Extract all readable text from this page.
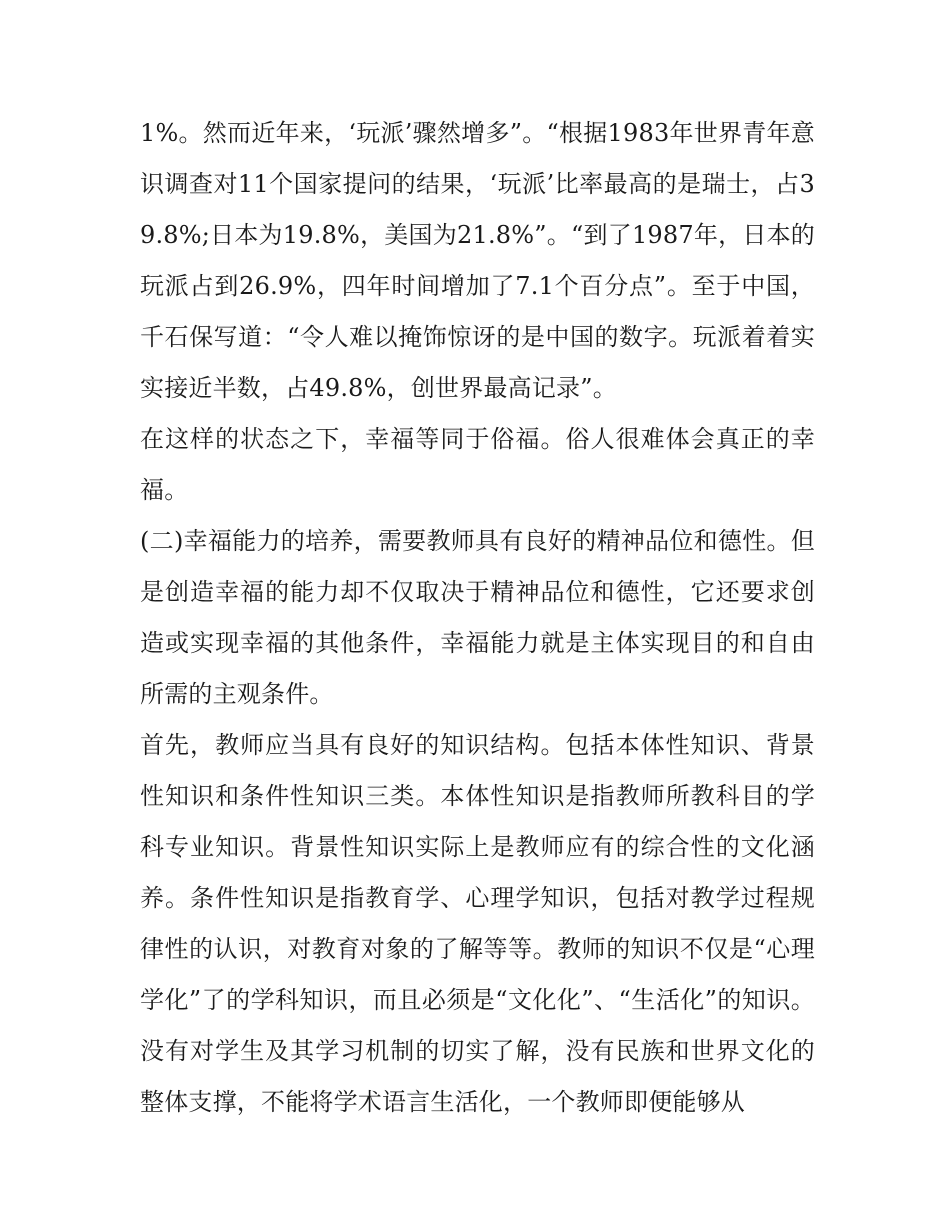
1%。然而近年来，‘玩派’骤然增多”。“根据1983年世界青年意识调查对11个国家提问的结果，‘玩派’比率最高的是瑞士，占39.8%;日本为19.8%，美国为21.8%”。“到了1987年，日本的玩派占到26.9%，四年时间增加了7.1个百分点”。至于中国，千石保写道：“令人难以掩饰惊讶的是中国的数字。玩派着着实实接近半数，占49.8%，创世界最高记录”。

在这样的状态之下，幸福等同于俗福。俗人很难体会真正的幸福。

(二)幸福能力的培养，需要教师具有良好的精神品位和德性。但是创造幸福的能力却不仅取决于精神品位和德性，它还要求创造或实现幸福的其他条件，幸福能力就是主体实现目的和自由所需的主观条件。

首先，教师应当具有良好的知识结构。包括本体性知识、背景性知识和条件性知识三类。本体性知识是指教师所教科目的学科专业知识。背景性知识实际上是教师应有的综合性的文化涵养。条件性知识是指教育学、心理学知识，包括对教学过程规律性的认识，对教育对象的了解等等。教师的知识不仅是“心理学化”了的学科知识，而且必须是“文化化”、“生活化”的知识。没有对学生及其学习机制的切实了解，没有民族和世界文化的整体支撑，不能将学术语言生活化，一个教师即便能够从
